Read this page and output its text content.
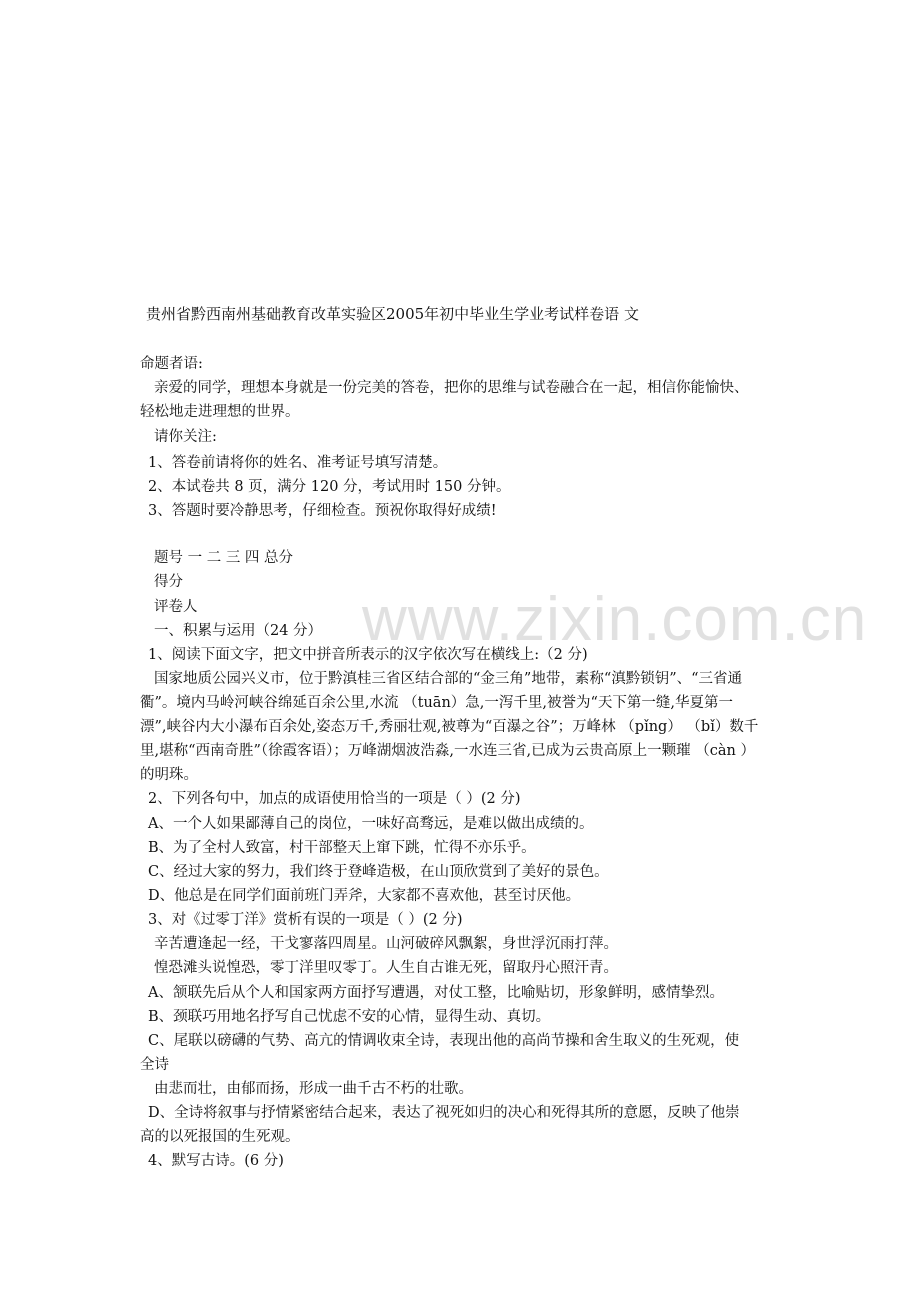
贵州省黔西南州基础教育改革实验区2005年初中毕业生学业考试样卷语 文

命题者语:

亲爱的同学，理想本身就是一份完美的答卷，把你的思维与试卷融合在一起，相信你能愉快、

轻松地走进理想的世界。

请你关注:

1、答卷前请将你的姓名、准考证号填写清楚。

2、本试卷共 8 页，满分 120 分，考试用时 150 分钟。

3、答题时要冷静思考，仔细检查。预祝你取得好成绩!

题号 一 二 三 四 总分

得分

评卷人

一、积累与运用（24 分）

1、阅读下面文字，把文中拼音所表示的汉字依次写在横线上:（2 分)

国家地质公园兴义市，位于黔滇桂三省区结合部的“金三角”地带，素称“滇黔锁钥”、“三省通

衢”。境内马岭河峡谷绵延百余公里,水流 （tuān）急,一泻千里,被誉为“天下第一缝,华夏第一

漂”,峡谷内大小瀑布百余处,姿态万千,秀丽壮观,被尊为“百瀑之谷”；万峰林 （pǐng） （bǐ）数千

里,堪称“西南奇胜”（徐霞客语）；万峰湖烟波浩淼,一水连三省,已成为云贵高原上一颗璀 （càn ）

的明珠。

2、下列各句中，加点的成语使用恰当的一项是（ ）(2 分)

A、一个人如果鄙薄自己的岗位，一味好高骛远，是难以做出成绩的。

B、为了全村人致富，村干部整天上窜下跳，忙得不亦乐乎。

C、经过大家的努力，我们终于登峰造极，在山顶欣赏到了美好的景色。

D、他总是在同学们面前班门弄斧，大家都不喜欢他，甚至讨厌他。

3、对《过零丁洋》赏析有误的一项是（ ）(2 分)

辛苦遭逢起一经，干戈寥落四周星。山河破碎风飘絮，身世浮沉雨打萍。

惶恐滩头说惶恐，零丁洋里叹零丁。人生自古谁无死，留取丹心照汗青。

A、颔联先后从个人和国家两方面抒写遭遇，对仗工整，比喻贴切，形象鲜明，感情挚烈。

B、颈联巧用地名抒写自己忧虑不安的心情，显得生动、真切。

C、尾联以磅礴的气势、高亢的情调收束全诗，表现出他的高尚节操和舍生取义的生死观，使

全诗

由悲而壮，由郁而扬，形成一曲千古不朽的壮歌。

D、全诗将叙事与抒情紧密结合起来，表达了视死如归的决心和死得其所的意愿，反映了他崇

高的以死报国的生死观。

4、默写古诗。(6 分)

www.zixin.com.cn
